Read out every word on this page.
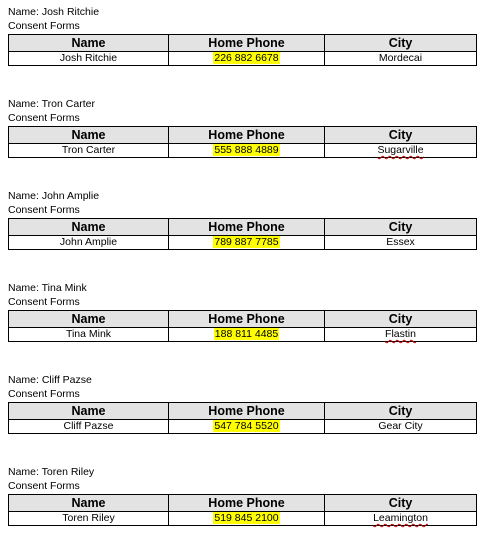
Name: Josh Ritchie
Consent Forms
Name	Home Phone	City
Josh Ritchie	226 882 6678	Mordecai
Name: Tron Carter
Consent Forms
Name	Home Phone	City
Tron Carter	555 888 4889	Sugarville
Name: John Amplie
Consent Forms
Name	Home Phone	City
John Amplie	789 887 7785	Essex
Name: Tina Mink
Consent Forms
Name	Home Phone	City
Tina Mink	188 811 4485	Flastin
Name: Cliff Pazse
Consent Forms
Name	Home Phone	City
Cliff Pazse	547 784 5520	Gear City
Name: Toren Riley
Consent Forms
Name	Home Phone	City
Toren Riley	519 845 2100	Leamington
